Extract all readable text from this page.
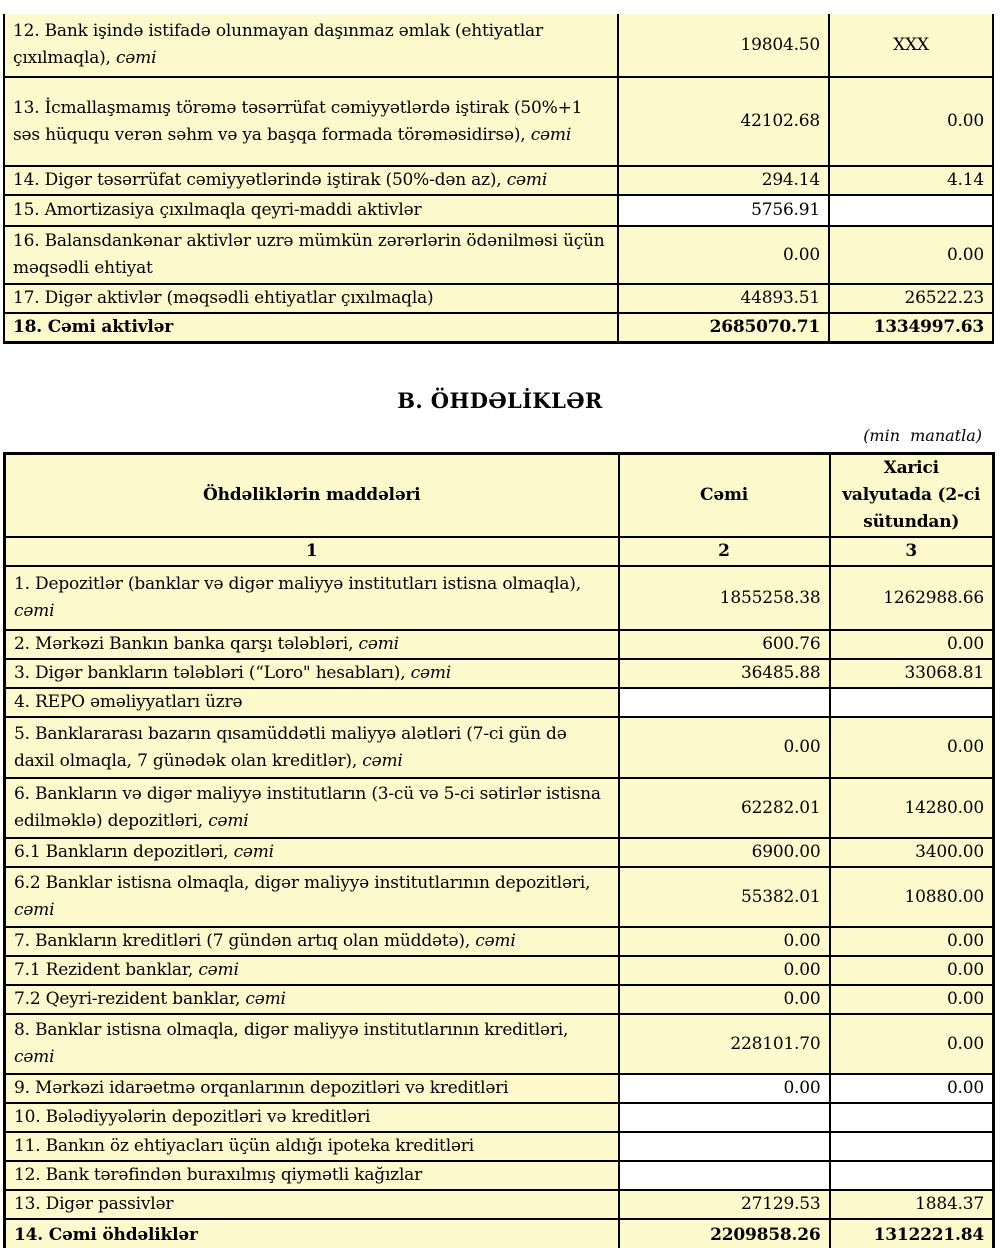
12. Bank işində istifadə olunmayan daşınmaz əmlak (ehtiyatlar çıxılmaqla), cəmi	19804.50	XXX
13. İcmallaşmamış törəmə təsərrüfat cəmiyyətlərdə iştirak (50%+1 səs hüququ verən səhm və ya başqa formada törəməsidirsə), cəmi	42102.68	0.00
14. Digər təsərrüfat cəmiyyətlərində iştirak (50%-dən az), cəmi	294.14	4.14
15. Amortizasiya çıxılmaqla qeyri-maddi aktivlər	5756.91	
16. Balansdankənar aktivlər uzrə mümkün zərərlərin ödənilməsi üçün məqsədli ehtiyat	0.00	0.00
17. Digər aktivlər (məqsədli ehtiyatlar çıxılmaqla)	44893.51	26522.23
18. Cəmi aktivlər	2685070.71	1334997.63
B. ÖHDƏLİKLƏR
(min manatla)
Öhdəliklərin maddələri	Cəmi	Xarici valyutada (2-ci sütundan)
1	2	3
1. Depozitlər (banklar və digər maliyyə institutları istisna olmaqla), cəmi	1855258.38	1262988.66
2. Mərkəzi Bankın banka qarşı tələbləri, cəmi	600.76	0.00
3. Digər bankların tələbləri (“Loro" hesabları), cəmi	36485.88	33068.81
4. REPO əməliyyatları üzrə		
5. Banklararası bazarın qısamüddətli maliyyə alətləri (7-ci gün də daxil olmaqla, 7 günədək olan kreditlər), cəmi	0.00	0.00
6. Bankların və digər maliyyə institutların (3-cü və 5-ci sətirlər istisna edilməklə) depozitləri, cəmi	62282.01	14280.00
6.1 Bankların depozitləri, cəmi	6900.00	3400.00
6.2 Banklar istisna olmaqla, digər maliyyə institutlarının depozitləri, cəmi	55382.01	10880.00
7. Bankların kreditləri (7 gündən artıq olan müddətə), cəmi	0.00	0.00
7.1 Rezident banklar, cəmi	0.00	0.00
7.2 Qeyri-rezident banklar, cəmi	0.00	0.00
8. Banklar istisna olmaqla, digər maliyyə institutlarının kreditləri, cəmi	228101.70	0.00
9. Mərkəzi idarəetmə orqanlarının depozitləri və kreditləri	0.00	0.00
10. Bələdiyyələrin depozitləri və kreditləri		
11. Bankın öz ehtiyacları üçün aldığı ipoteka kreditləri		
12. Bank tərəfindən buraxılmış qiymətli kağızlar		
13. Digər passivlər	27129.53	1884.37
14. Cəmi öhdəliklər	2209858.26	1312221.84
